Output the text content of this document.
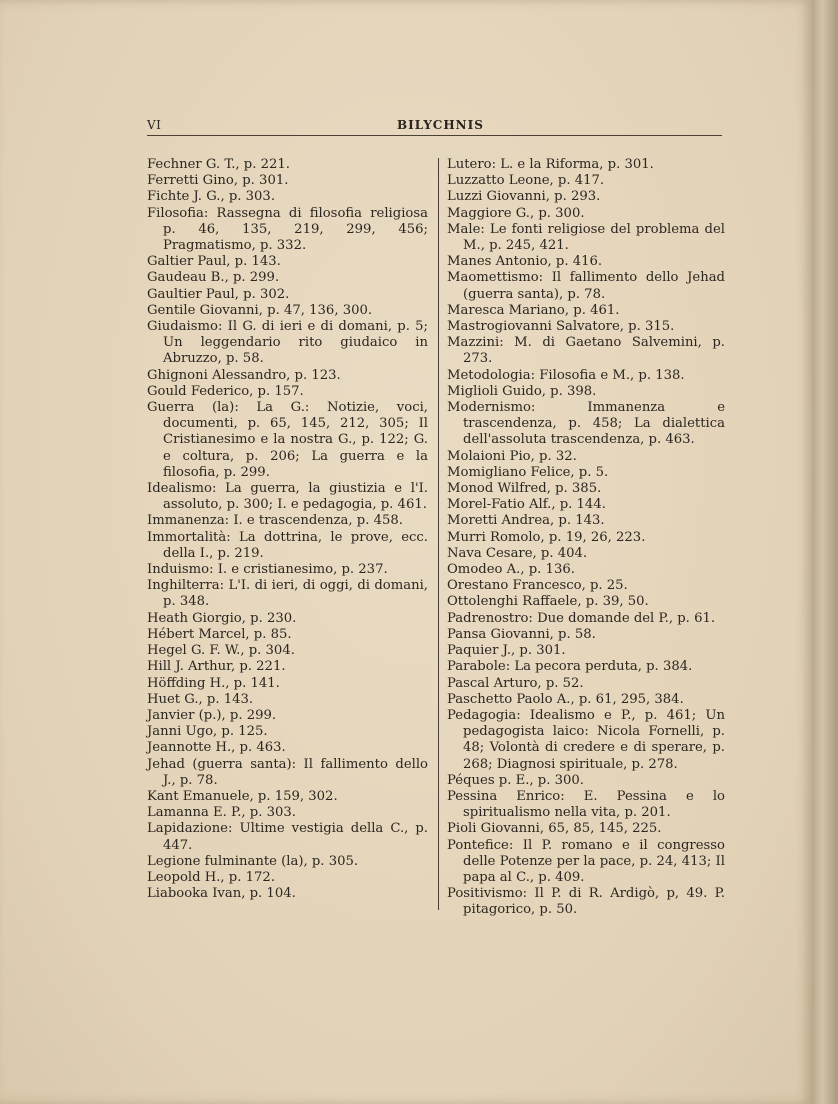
VI	BILYCHNIS
Fechner G. T., p. 221.
Ferretti Gino, p. 301.
Fichte J. G., p. 303.
Filosofia: Rassegna di filosofia religiosa p. 46, 135, 219, 299, 456; Pragmatismo, p. 332.
Galtier Paul, p. 143.
Gaudeau B., p. 299.
Gaultier Paul, p. 302.
Gentile Giovanni, p. 47, 136, 300.
Giudaismo: Il G. di ieri e di domani, p. 5; Un leggendario rito giudaico in Abruzzo, p. 58.
Ghignoni Alessandro, p. 123.
Gould Federico, p. 157.
Guerra (la): La G.: Notizie, voci, documenti, p. 65, 145, 212, 305; Il Cristianesimo e la nostra G., p. 122; G. e coltura, p. 206; La guerra e la filosofia, p. 299.
Idealismo: La guerra, la giustizia e l'I. assoluto, p. 300; I. e pedagogia, p. 461.
Immanenza: I. e trascendenza, p. 458.
Immortalità: La dottrina, le prove, ecc. della I., p. 219.
Induismo: I. e cristianesimo, p. 237.
Inghilterra: L'I. di ieri, di oggi, di domani, p. 348.
Heath Giorgio, p. 230.
Hébert Marcel, p. 85.
Hegel G. F. W., p. 304.
Hill J. Arthur, p. 221.
Höffding H., p. 141.
Huet G., p. 143.
Janvier (p.), p. 299.
Janni Ugo, p. 125.
Jeannotte H., p. 463.
Jehad (guerra santa): Il fallimento dello J., p. 78.
Kant Emanuele, p. 159, 302.
Lamanna E. P., p. 303.
Lapidazione: Ultime vestigia della C., p. 447.
Legione fulminante (la), p. 305.
Leopold H., p. 172.
Liabooka Ivan, p. 104.
Lutero: L. e la Riforma, p. 301.
Luzzatto Leone, p. 417.
Luzzi Giovanni, p. 293.
Maggiore G., p. 300.
Male: Le fonti religiose del problema del M., p. 245, 421.
Manes Antonio, p. 416.
Maomettismo: Il fallimento dello Jehad (guerra santa), p. 78.
Maresca Mariano, p. 461.
Mastrogiovanni Salvatore, p. 315.
Mazzini: M. di Gaetano Salvemini, p. 273.
Metodologia: Filosofia e M., p. 138.
Miglioli Guido, p. 398.
Modernismo: Immanenza e trascendenza, p. 458; La dialettica dell'assoluta trascendenza, p. 463.
Molaioni Pio, p. 32.
Momigliano Felice, p. 5.
Monod Wilfred, p. 385.
Morel-Fatio Alf., p. 144.
Moretti Andrea, p. 143.
Murri Romolo, p. 19, 26, 223.
Nava Cesare, p. 404.
Omodeo A., p. 136.
Orestano Francesco, p. 25.
Ottolenghi Raffaele, p. 39, 50.
Padrenostro: Due domande del P., p. 61.
Pansa Giovanni, p. 58.
Paquier J., p. 301.
Parabole: La pecora perduta, p. 384.
Pascal Arturo, p. 52.
Paschetto Paolo A., p. 61, 295, 384.
Pedagogia: Idealismo e P., p. 461; Un pedagogista laico: Nicola Fornelli, p. 48; Volontà di credere e di sperare, p. 268; Diagnosi spirituale, p. 278.
Péques p. E., p. 300.
Pessina Enrico: E. Pessina e lo spiritualismo nella vita, p. 201.
Pioli Giovanni, 65, 85, 145, 225.
Pontefice: Il P. romano e il congresso delle Potenze per la pace, p. 24, 413; Il papa al C., p. 409.
Positivismo: Il P. di R. Ardigò, p, 49. P. pitagorico, p. 50.
